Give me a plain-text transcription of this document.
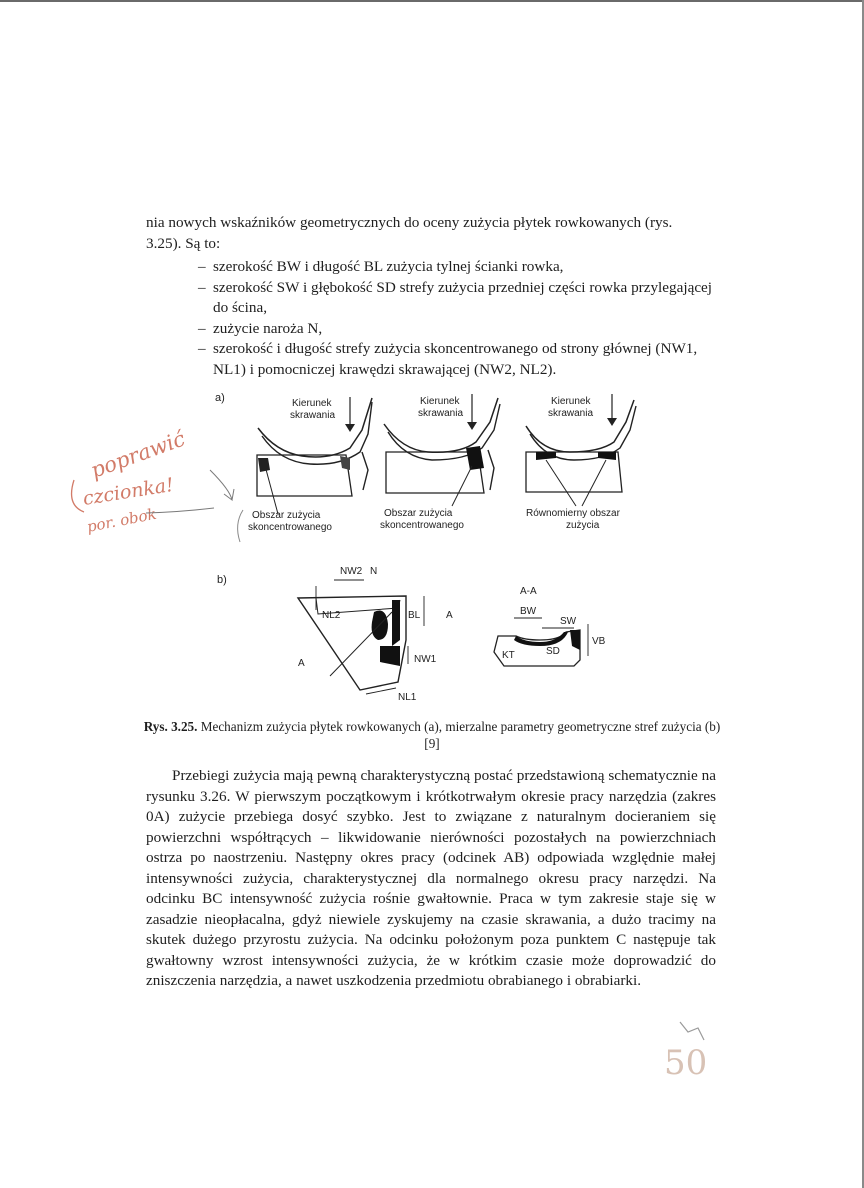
nia nowych wskaźników geometrycznych do oceny zużycia płytek rowkowanych (rys.
3.25). Są to:
– szerokość BW i długość BL zużycia tylnej ścianki rowka,
– szerokość SW i głębokość SD strefy zużycia przedniej części rowka przylegającej do ścina,
– zużycie naroża N,
– szerokość i długość strefy zużycia skoncentrowanego od strony głównej (NW1, NL1) i pomocniczej krawędzi skrawającej (NW2, NL2).
poprawić
czcionka!
por. obok
a)
b)
Kierunek
skrawania
Obszar zużycia
skoncentrowanego
Kierunek
skrawania
Obszar zużycia
skoncentrowanego
Kierunek
skrawania
Równomierny obszar
zużycia
NW2 N
NL2	BL	A
A	NW1
NL1
A-A
BW
SW
KT	SD
VB
50
Rys. 3.25. Mechanizm zużycia płytek rowkowanych (a), mierzalne parametry geometryczne stref zużycia (b) [9]
Przebiegi zużycia mają pewną charakterystyczną postać przedstawioną schematycznie na rysunku 3.26. W pierwszym początkowym i krótkotrwałym okresie pracy narzędzia (zakres 0A) zużycie przebiega dosyć szybko. Jest to związane z naturalnym docieraniem się powierzchni współtrących – likwidowanie nierówności pozostałych na powierzchniach ostrza po naostrzeniu. Następny okres pracy (odcinek AB) odpowiada względnie małej intensywności zużycia, charakterystycznej dla normalnego okresu pracy narzędzi. Na odcinku BC intensywność zużycia rośnie gwałtownie. Praca w tym zakresie staje się w zasadzie nieopłacalna, gdyż niewiele zyskujemy na czasie skrawania, a dużo tracimy na skutek dużego przyrostu zużycia. Na odcinku położonym poza punktem C następuje tak gwałtowny wzrost intensywności zużycia, że w krótkim czasie może doprowadzić do zniszczenia narzędzia, a nawet uszkodzenia przedmiotu obrabianego i obrabiarki.
